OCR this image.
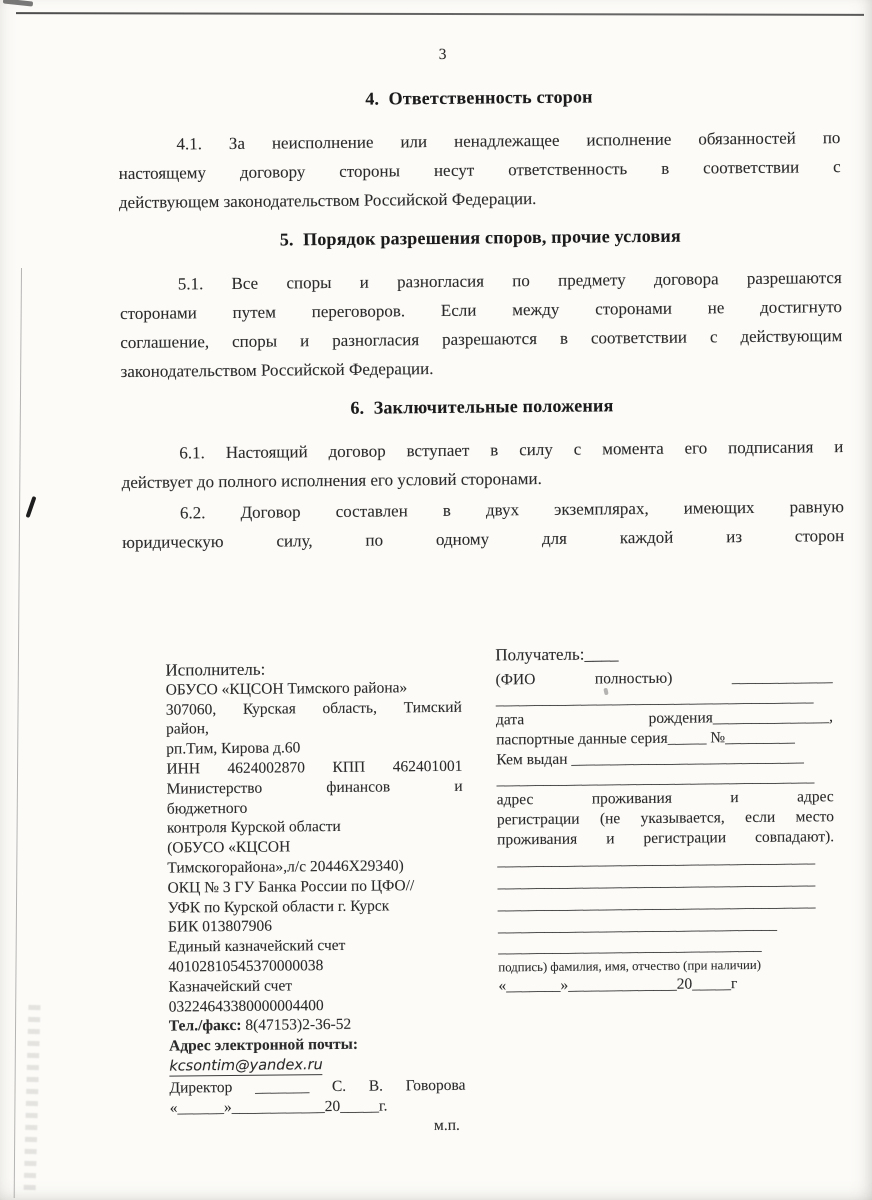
3
4.  Ответственность сторон

4.1. За неисполнение или ненадлежащее исполнение обязанностей по
настоящему договору стороны несут ответственность в соответствии с
действующем законодательством Российской Федерации.

5.  Порядок разрешения споров, прочие условия

5.1. Все споры и разногласия по предмету договора разрешаются
сторонами путем переговоров. Если между сторонами не достигнуто
соглашение, споры и разногласия разрешаются в соответствии с действующим
законодательством Российской Федерации.

6.  Заключительные положения

6.1. Настоящий договор вступает в силу с момента его подписания и
действует до полного исполнения его условий сторонами.

6.2. Договор составлен в двух экземплярах, имеющих равную
юридическую силу, по одному для каждой из сторон

Исполнитель:
ОБУСО «КЦСОН Тимского района»
307060, Курская область, Тимский
район,
рп.Тим, Кирова д.60
ИНН 4624002870 КПП 462401001
Министерство финансов и
бюджетного
контроля Курской области
(ОБУСО «КЦСОН
Тимскогорайона»,л/с 20446X29340)
ОКЦ № 3 ГУ Банка России по ЦФО//
УФК по Курской области г. Курск
БИК 013807906
Единый казначейский счет
40102810545370000038
Казначейский счет
03224643380000004400
Тел./факс: 8(47153)2-36-52
Адрес электронной почты:
kcsontim@yandex.ru
Директор _______ С. В. Говорова
«______»____________20_____г.
м.п.
Получатель:____
(ФИО полностью) _____________
_________________________________________
дата рождения_______________,
паспортные данные серия_____ №_________
Кем выдан ______________________________
_________________________________________
адрес проживания и адрес
регистрации (не указывается, если место
проживания и регистрации совпадают).
_________________________________________
_________________________________________
_________________________________________
____________________________________
__________________________________
подпись) фамилия, имя, отчество (при наличии)
«_______»______________20_____г
